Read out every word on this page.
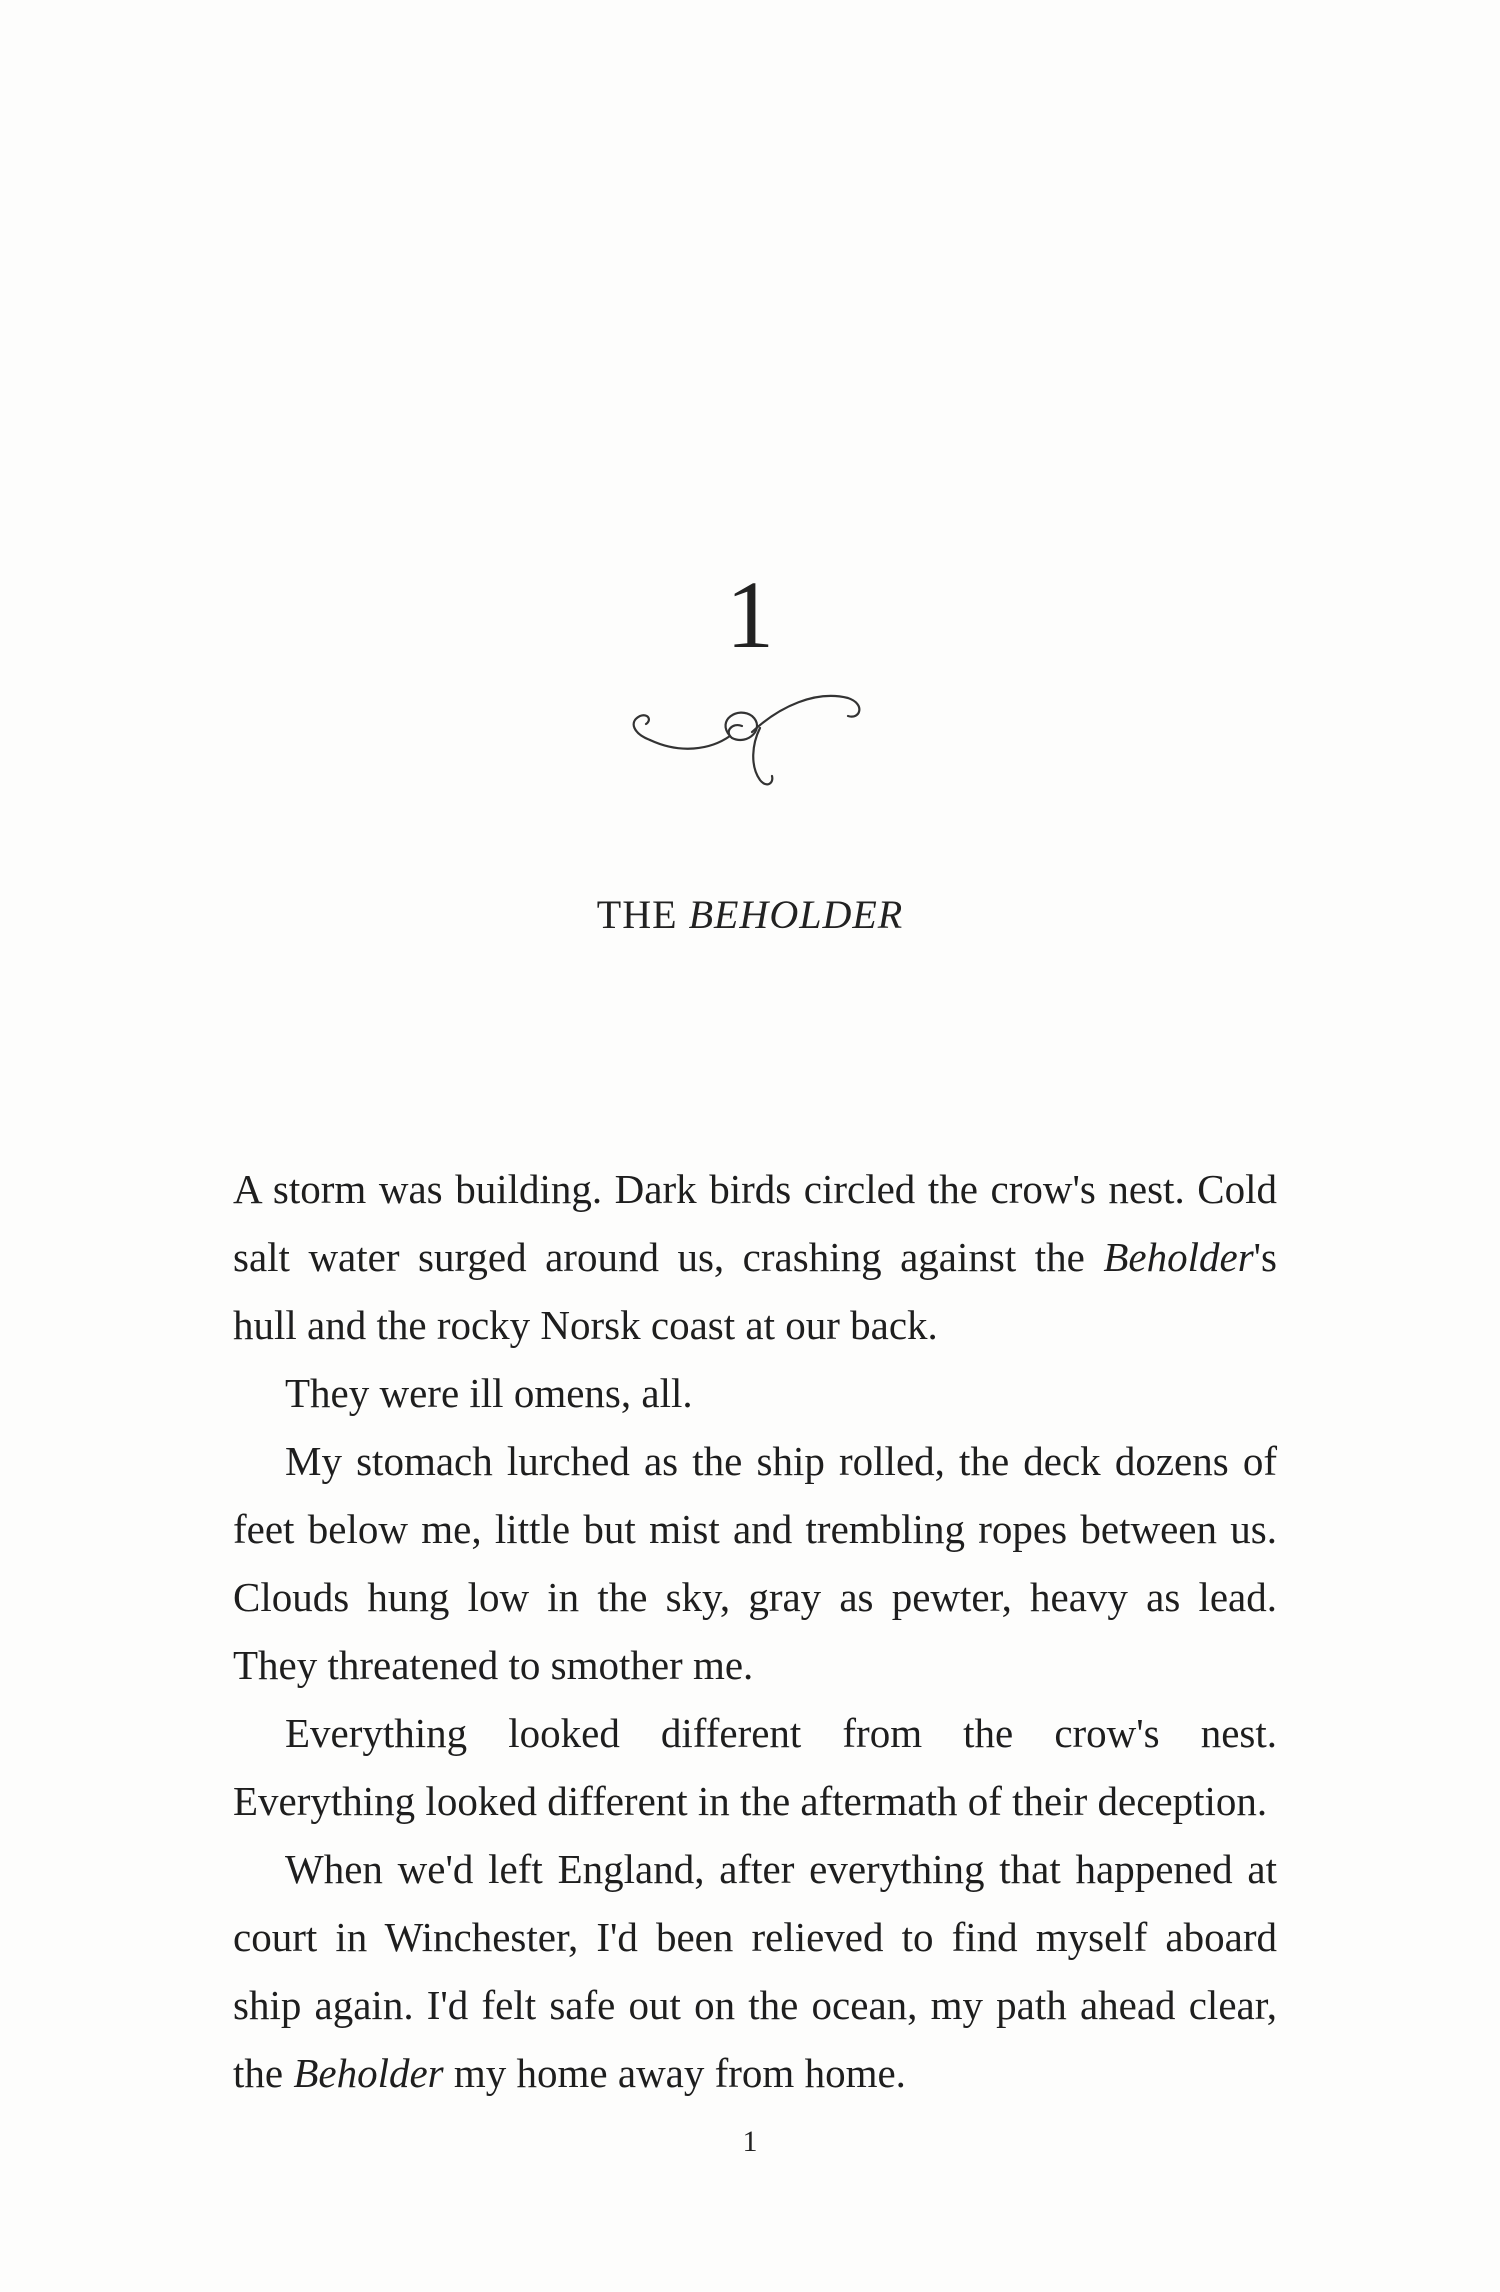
1
THE BEHOLDER

A storm was building. Dark birds circled the crow's nest. Cold salt water surged around us, crashing against the Beholder's hull and the rocky Norsk coast at our back.

They were ill omens, all.

My stomach lurched as the ship rolled, the deck dozens of feet below me, little but mist and trembling ropes between us. Clouds hung low in the sky, gray as pewter, heavy as lead. They threatened to smother me.

Everything looked different from the crow's nest. Everything looked different in the aftermath of their deception.

When we'd left England, after everything that happened at court in Winchester, I'd been relieved to find myself aboard ship again. I'd felt safe out on the ocean, my path ahead clear, the Beholder my home away from home.

1
